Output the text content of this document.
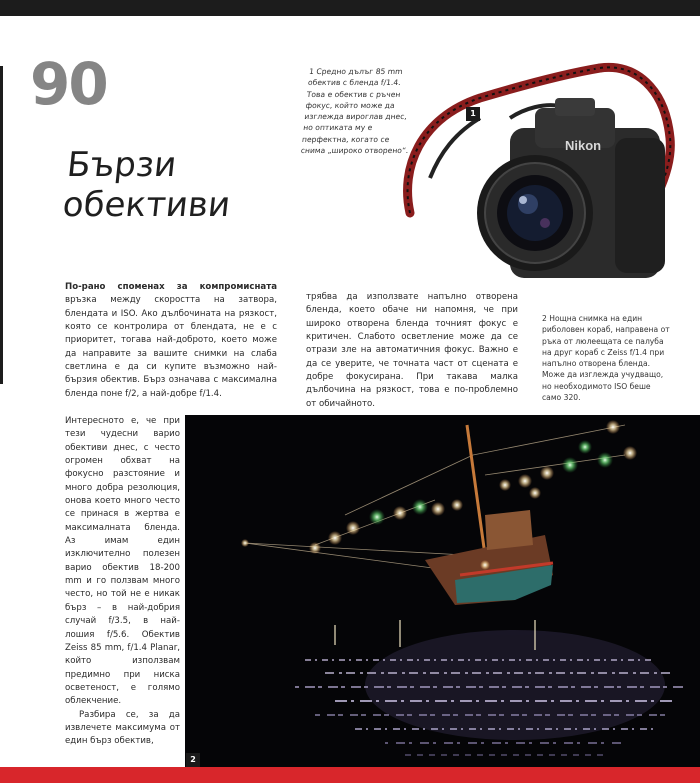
90
Бързи
обективи
1 Средно дълъг 85 mm обектив с бленда f/1.4. Това е обектив с ръчен фокус, който може да изглежда вироглав днес, но оптиката му е перфектна, когато се снима „широко отворено“.	Nikon
1
2 Нощна снимка на един риболовен кораб, направена от ръка от люлеещата се палуба на друг кораб с Zeiss f/1.4 при напълно отворена бленда. Може да изглежда учудващо, но необходимото ISO беше само 320.

По-рано споменах за компромисната връзка между скоростта на затвора, блендата и ISO. Ако дълбочината на рязкост, която се контролира от блендата, не е с приоритет, тогава най-доброто, което може да направите за вашите снимки на слаба светлина е да си купите възможно най-бързия обектив. Бърз означава с максимална бленда поне f/2, а най-добре f/1.4.

Интересното е, че при тези чудесни варио обективи днес, с често огромен обхват на фокусно разстояние и много добра резолюция, онова което много често се принася в жертва е максималната бленда. Аз имам един изключително полезен варио обектив 18-200 mm и го ползвам много често, но той не е никак бърз – в най-добрия случай f/3.5, в най-лошия f/5.6. Обектив Zeiss 85 mm, f/1.4 Planar, който използвам предимно при ниска осветеност, е голямо облекчение.

Разбира се, за да извлечете максимума от един бърз обектив,

трябва да използвате напълно отворена бленда, което обаче ни напомня, че при широко отворена бленда точният фокус е критичен. Слабото осветление може да се отрази зле на автоматичния фокус. Важно е да се уверите, че точната част от сцената е добре фокусирана. При такава малка дълбочина на рязкост, това е по-проблемно от обичайното.

2
